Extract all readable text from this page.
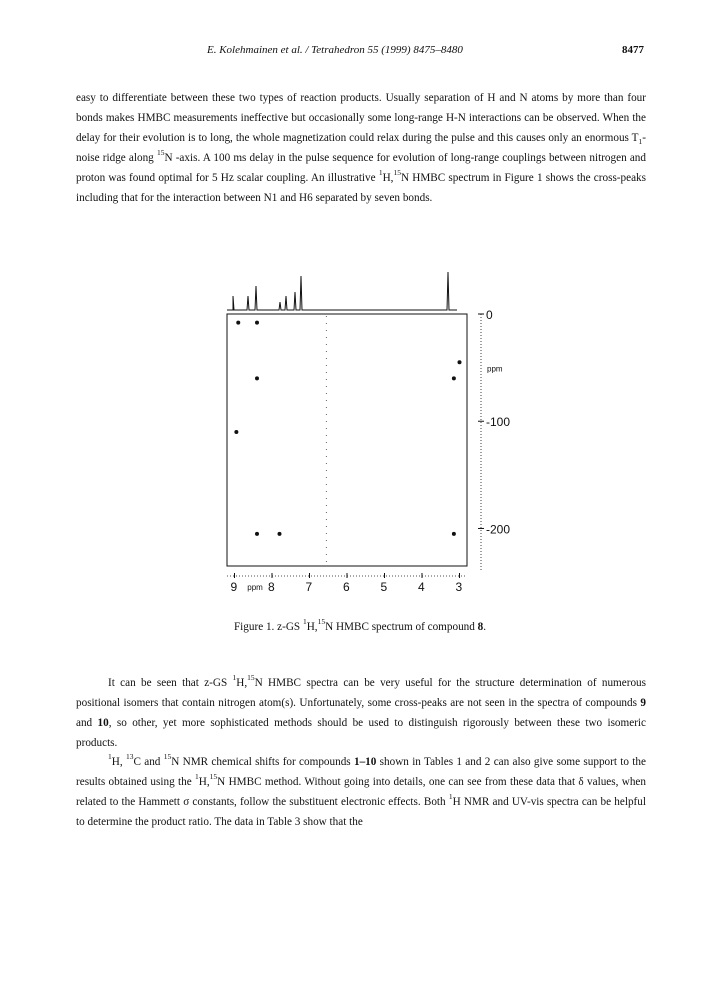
E. Kolehmainen et al. / Tetrahedron 55 (1999) 8475–8480	8477

easy to differentiate between these two types of reaction products. Usually separation of H and N atoms by more than four bonds makes HMBC measurements ineffective but occasionally some long-range H-N interactions can be observed. When the delay for their evolution is to long, the whole magnetization could relax during the pulse and this causes only an enormous $T_1$-noise ridge along $^{15}$N -axis. A 100 ms delay in the pulse sequence for evolution of long-range couplings between nitrogen and proton was found optimal for 5 Hz scalar coupling. An illustrative $^1$H,$^{15}$N HMBC spectrum in Figure 1 shows the cross-peaks including that for the interaction between N1 and H6 separated by seven bonds.

-200
-100
0
ppm
9	8	7	6	5	4	3
ppm
Figure 1. z-GS $^1$H,$^{15}$N HMBC spectrum of compound 8.

It can be seen that z-GS $^1$H,$^{15}$N HMBC spectra can be very useful for the structure determination of numerous positional isomers that contain nitrogen atom(s). Unfortunately, some cross-peaks are not seen in the spectra of compounds 9 and 10, so other, yet more sophisticated methods should be used to distinguish rigorously between these two isomeric products.

$^1$H, $^{13}$C and $^{15}$N NMR chemical shifts for compounds 1–10 shown in Tables 1 and 2 can also give some support to the results obtained using the $^1$H,$^{15}$N HMBC method. Without going into details, one can see from these data that δ values, when related to the Hammett σ constants, follow the substituent electronic effects. Both $^1$H NMR and UV-vis spectra can be helpful to determine the product ratio. The data in Table 3 show that the
